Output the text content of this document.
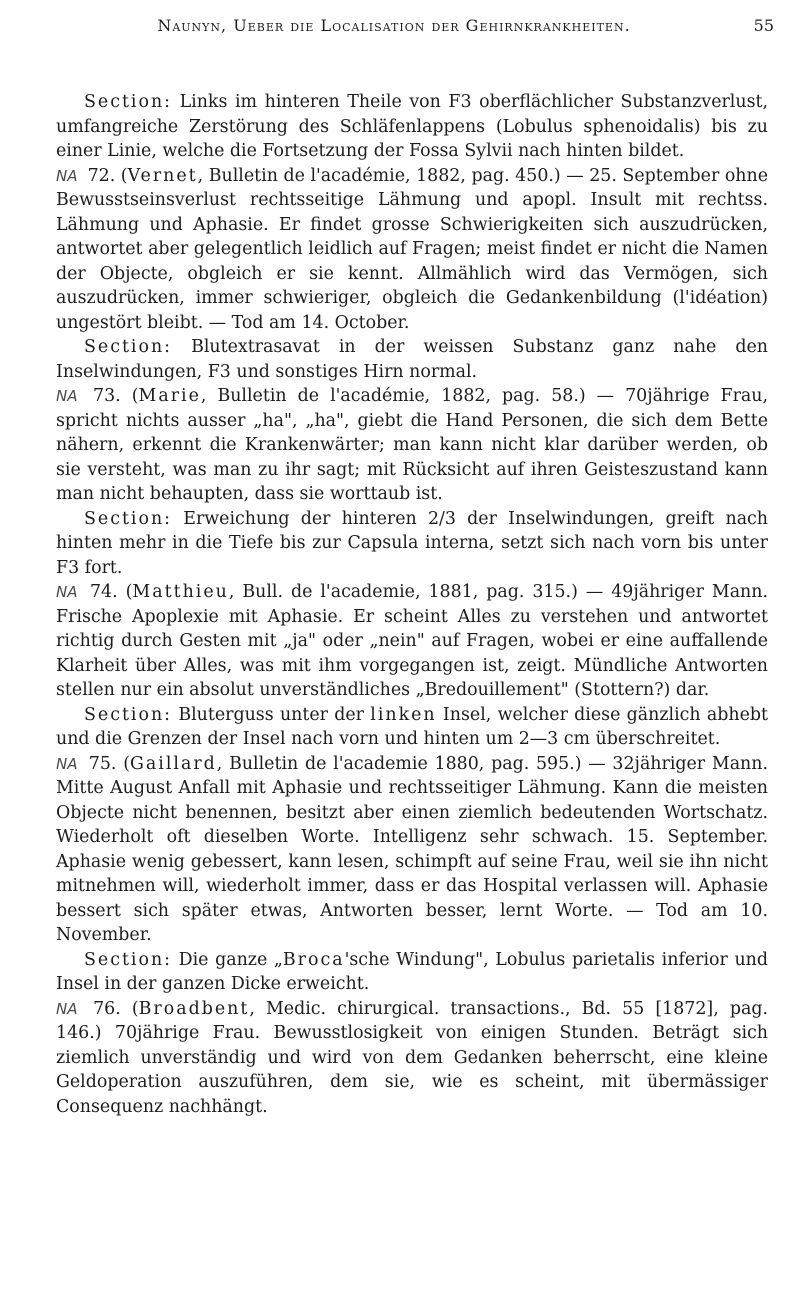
Naunyn, Ueber die Localisation der Gehirnkrankheiten.	55

Section: Links im hinteren Theile von F3 oberflächlicher Substanzverlust, umfangreiche Zerstörung des Schläfenlappens (Lobulus sphenoidalis) bis zu einer Linie, welche die Fortsetzung der Fossa Sylvii nach hinten bildet.

NA 72. (Vernet, Bulletin de l'académie, 1882, pag. 450.) — 25. September ohne Bewusstseinsverlust rechtsseitige Lähmung und apopl. Insult mit rechtss. Lähmung und Aphasie. Er findet grosse Schwierigkeiten sich auszudrücken, antwortet aber gelegentlich leidlich auf Fragen; meist findet er nicht die Namen der Objecte, obgleich er sie kennt. Allmählich wird das Vermögen, sich auszudrücken, immer schwieriger, obgleich die Gedankenbildung (l'idéation) ungestört bleibt. — Tod am 14. October.

Section: Blutextrasavat in der weissen Substanz ganz nahe den Inselwindungen, F3 und sonstiges Hirn normal.

NA 73. (Marie, Bulletin de l'académie, 1882, pag. 58.) — 70jährige Frau, spricht nichts ausser „ha", „ha", giebt die Hand Personen, die sich dem Bette nähern, erkennt die Krankenwärter; man kann nicht klar darüber werden, ob sie versteht, was man zu ihr sagt; mit Rücksicht auf ihren Geisteszustand kann man nicht behaupten, dass sie worttaub ist.

Section: Erweichung der hinteren 2/3 der Inselwindungen, greift nach hinten mehr in die Tiefe bis zur Capsula interna, setzt sich nach vorn bis unter F3 fort.

NA 74. (Matthieu, Bull. de l'academie, 1881, pag. 315.) — 49jähriger Mann. Frische Apoplexie mit Aphasie. Er scheint Alles zu verstehen und antwortet richtig durch Gesten mit „ja" oder „nein" auf Fragen, wobei er eine auffallende Klarheit über Alles, was mit ihm vorgegangen ist, zeigt. Mündliche Antworten stellen nur ein absolut unverständliches „Bredouillement" (Stottern?) dar.

Section: Bluterguss unter der linken Insel, welcher diese gänzlich abhebt und die Grenzen der Insel nach vorn und hinten um 2—3 cm überschreitet.

NA 75. (Gaillard, Bulletin de l'academie 1880, pag. 595.) — 32jähriger Mann. Mitte August Anfall mit Aphasie und rechtsseitiger Lähmung. Kann die meisten Objecte nicht benennen, besitzt aber einen ziemlich bedeutenden Wortschatz. Wiederholt oft dieselben Worte. Intelligenz sehr schwach. 15. September. Aphasie wenig gebessert, kann lesen, schimpft auf seine Frau, weil sie ihn nicht mitnehmen will, wiederholt immer, dass er das Hospital verlassen will. Aphasie bessert sich später etwas, Antworten besser, lernt Worte. — Tod am 10. November.

Section: Die ganze „Broca'sche Windung", Lobulus parietalis inferior und Insel in der ganzen Dicke erweicht.

NA 76. (Broadbent, Medic. chirurgical. transactions., Bd. 55 [1872], pag. 146.) 70jährige Frau. Bewusstlosigkeit von einigen Stunden. Beträgt sich ziemlich unverständig und wird von dem Gedanken beherrscht, eine kleine Geldoperation auszuführen, dem sie, wie es scheint, mit übermässiger Consequenz nachhängt.
